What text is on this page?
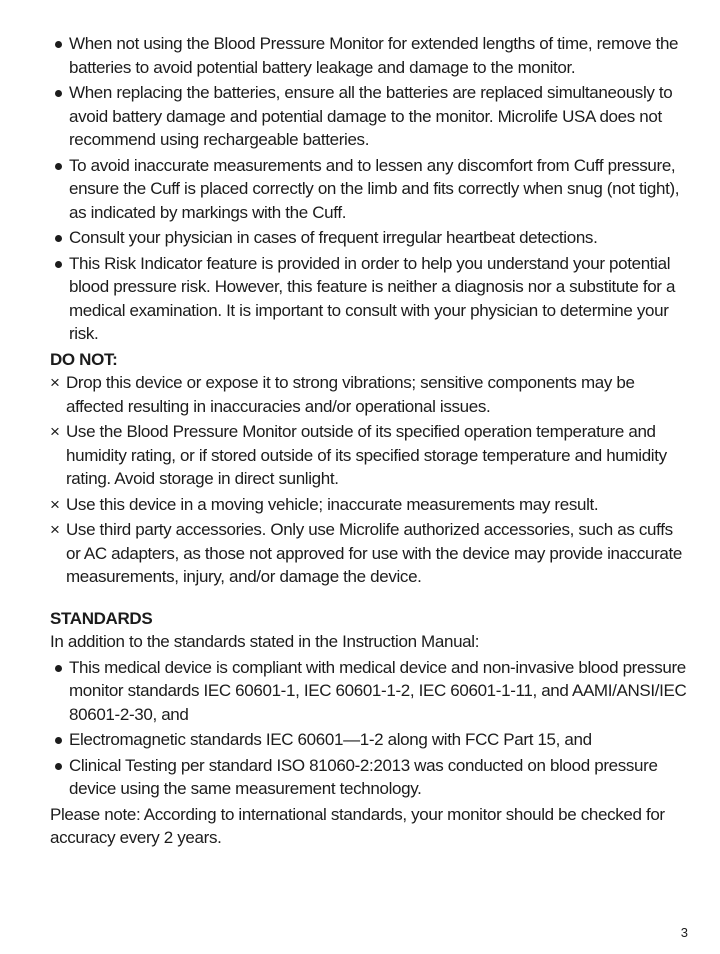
When not using the Blood Pressure Monitor for extended lengths of time, remove the batteries to avoid potential battery leakage and damage to the monitor.
When replacing the batteries, ensure all the batteries are replaced simultaneously to avoid battery damage and potential damage to the monitor. Microlife USA does not recommend using rechargeable batteries.
To avoid inaccurate measurements and to lessen any discomfort from Cuff pressure, ensure the Cuff is placed correctly on the limb and fits correctly when snug (not tight), as indicated by markings with the Cuff.
Consult your physician in cases of frequent irregular heartbeat detections.
This Risk Indicator feature is provided in order to help you understand your potential blood pressure risk. However, this feature is neither a diagnosis nor a substitute for a medical examination. It is important to consult with your physician to determine your risk.
DO NOT:
× Drop this device or expose it to strong vibrations; sensitive components may be affected resulting in inaccuracies and/or operational issues.
× Use the Blood Pressure Monitor outside of its specified operation temperature and humidity rating, or if stored outside of its specified storage temperature and humidity rating. Avoid storage in direct sunlight.
× Use this device in a moving vehicle; inaccurate measurements may result.
× Use third party accessories. Only use Microlife authorized accessories, such as cuffs or AC adapters, as those not approved for use with the device may provide inaccurate measurements, injury, and/or damage the device.
STANDARDS

In addition to the standards stated in the Instruction Manual:

This medical device is compliant with medical device and non-invasive blood pressure monitor standards IEC 60601-1, IEC 60601-1-2, IEC 60601-1-11, and AAMI/ANSI/IEC 80601-2-30, and
Electromagnetic standards IEC 60601—1-2 along with FCC Part 15, and
Clinical Testing per standard ISO 81060-2:2013 was conducted on blood pressure device using the same measurement technology.

Please note: According to international standards, your monitor should be checked for accuracy every 2 years.

3
